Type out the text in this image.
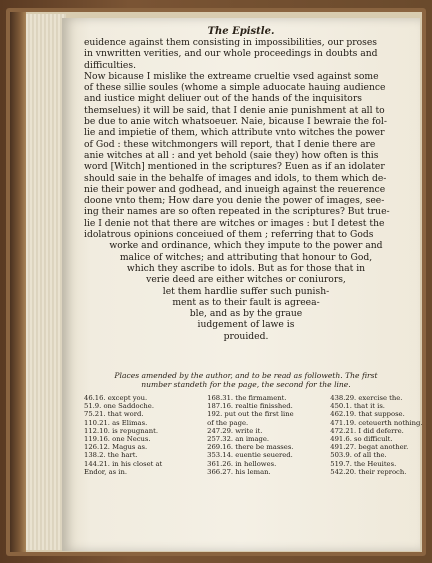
The Epistle.
euidence against them consisting in impossibilities, our proses
in vnwritten verities, and our whole proceedings in doubts and
difficulties.
Now bicause I mislike the extreame crueltie vsed against some
of these sillie soules (whome a simple aduocate hauing audience
and iustice might deliuer out of the hands of the inquisitors
themselues) it will be said, that I denie anie punishment at all to
be due to anie witch whatsoeuer. Naie, bicause I bewraie the fol-
lie and impietie of them, which attribute vnto witches the power
of God : these witchmongers will report, that I denie there are
anie witches at all : and yet behold (saie they) how often is this
word [Witch] mentioned in the scriptures? Euen as if an idolater
should saie in the behalfe of images and idols, to them which de-
nie their power and godhead, and inueigh against the reuerence
doone vnto them; How dare you denie the power of images, see-
ing their names are so often repeated in the scriptures? But true-
lie I denie not that there are witches or images : but I detest the
idolatrous opinions conceiued of them ; referring that to Gods
worke and ordinance, which they impute to the power and
malice of witches; and attributing that honour to God,
which they ascribe to idols. But as for those that in
verie deed are either witches or coniurors,
let them hardlie suffer such punish-
ment as to their fault is agreea-
ble, and as by the graue
iudgement of lawe is
prouided.
Places amended by the author, and to be read as followeth. The first
number standeth for the page, the second for the line.
46.16. except you.
51.9. one Saddoche.
75.21. that word.
110.21. as Elimas.
112.10. is repugnant.
119.16. one Necus.
126.12. Magus as.
138.2. the hart.
144.21. in his closet at
Endor, as in.
168.31. the firmament.
187.16. realtie finisshed.
192. put out the first line
of the page.
247.29. write it.
257.32. an image.
269.16. there be masses.
353.14. euentie seuered.
361.26. in hellowes.
366.27. his leman.
438.29. exercise the.
450.1. that it is.
462.19. that suppose.
471.19. ceteuerth nothing.
472.21. I did deferre.
491.6. so difficult.
491.27. begat another.
503.9. of all the.
519.7. the Heuites.
542.20. their reproch.
